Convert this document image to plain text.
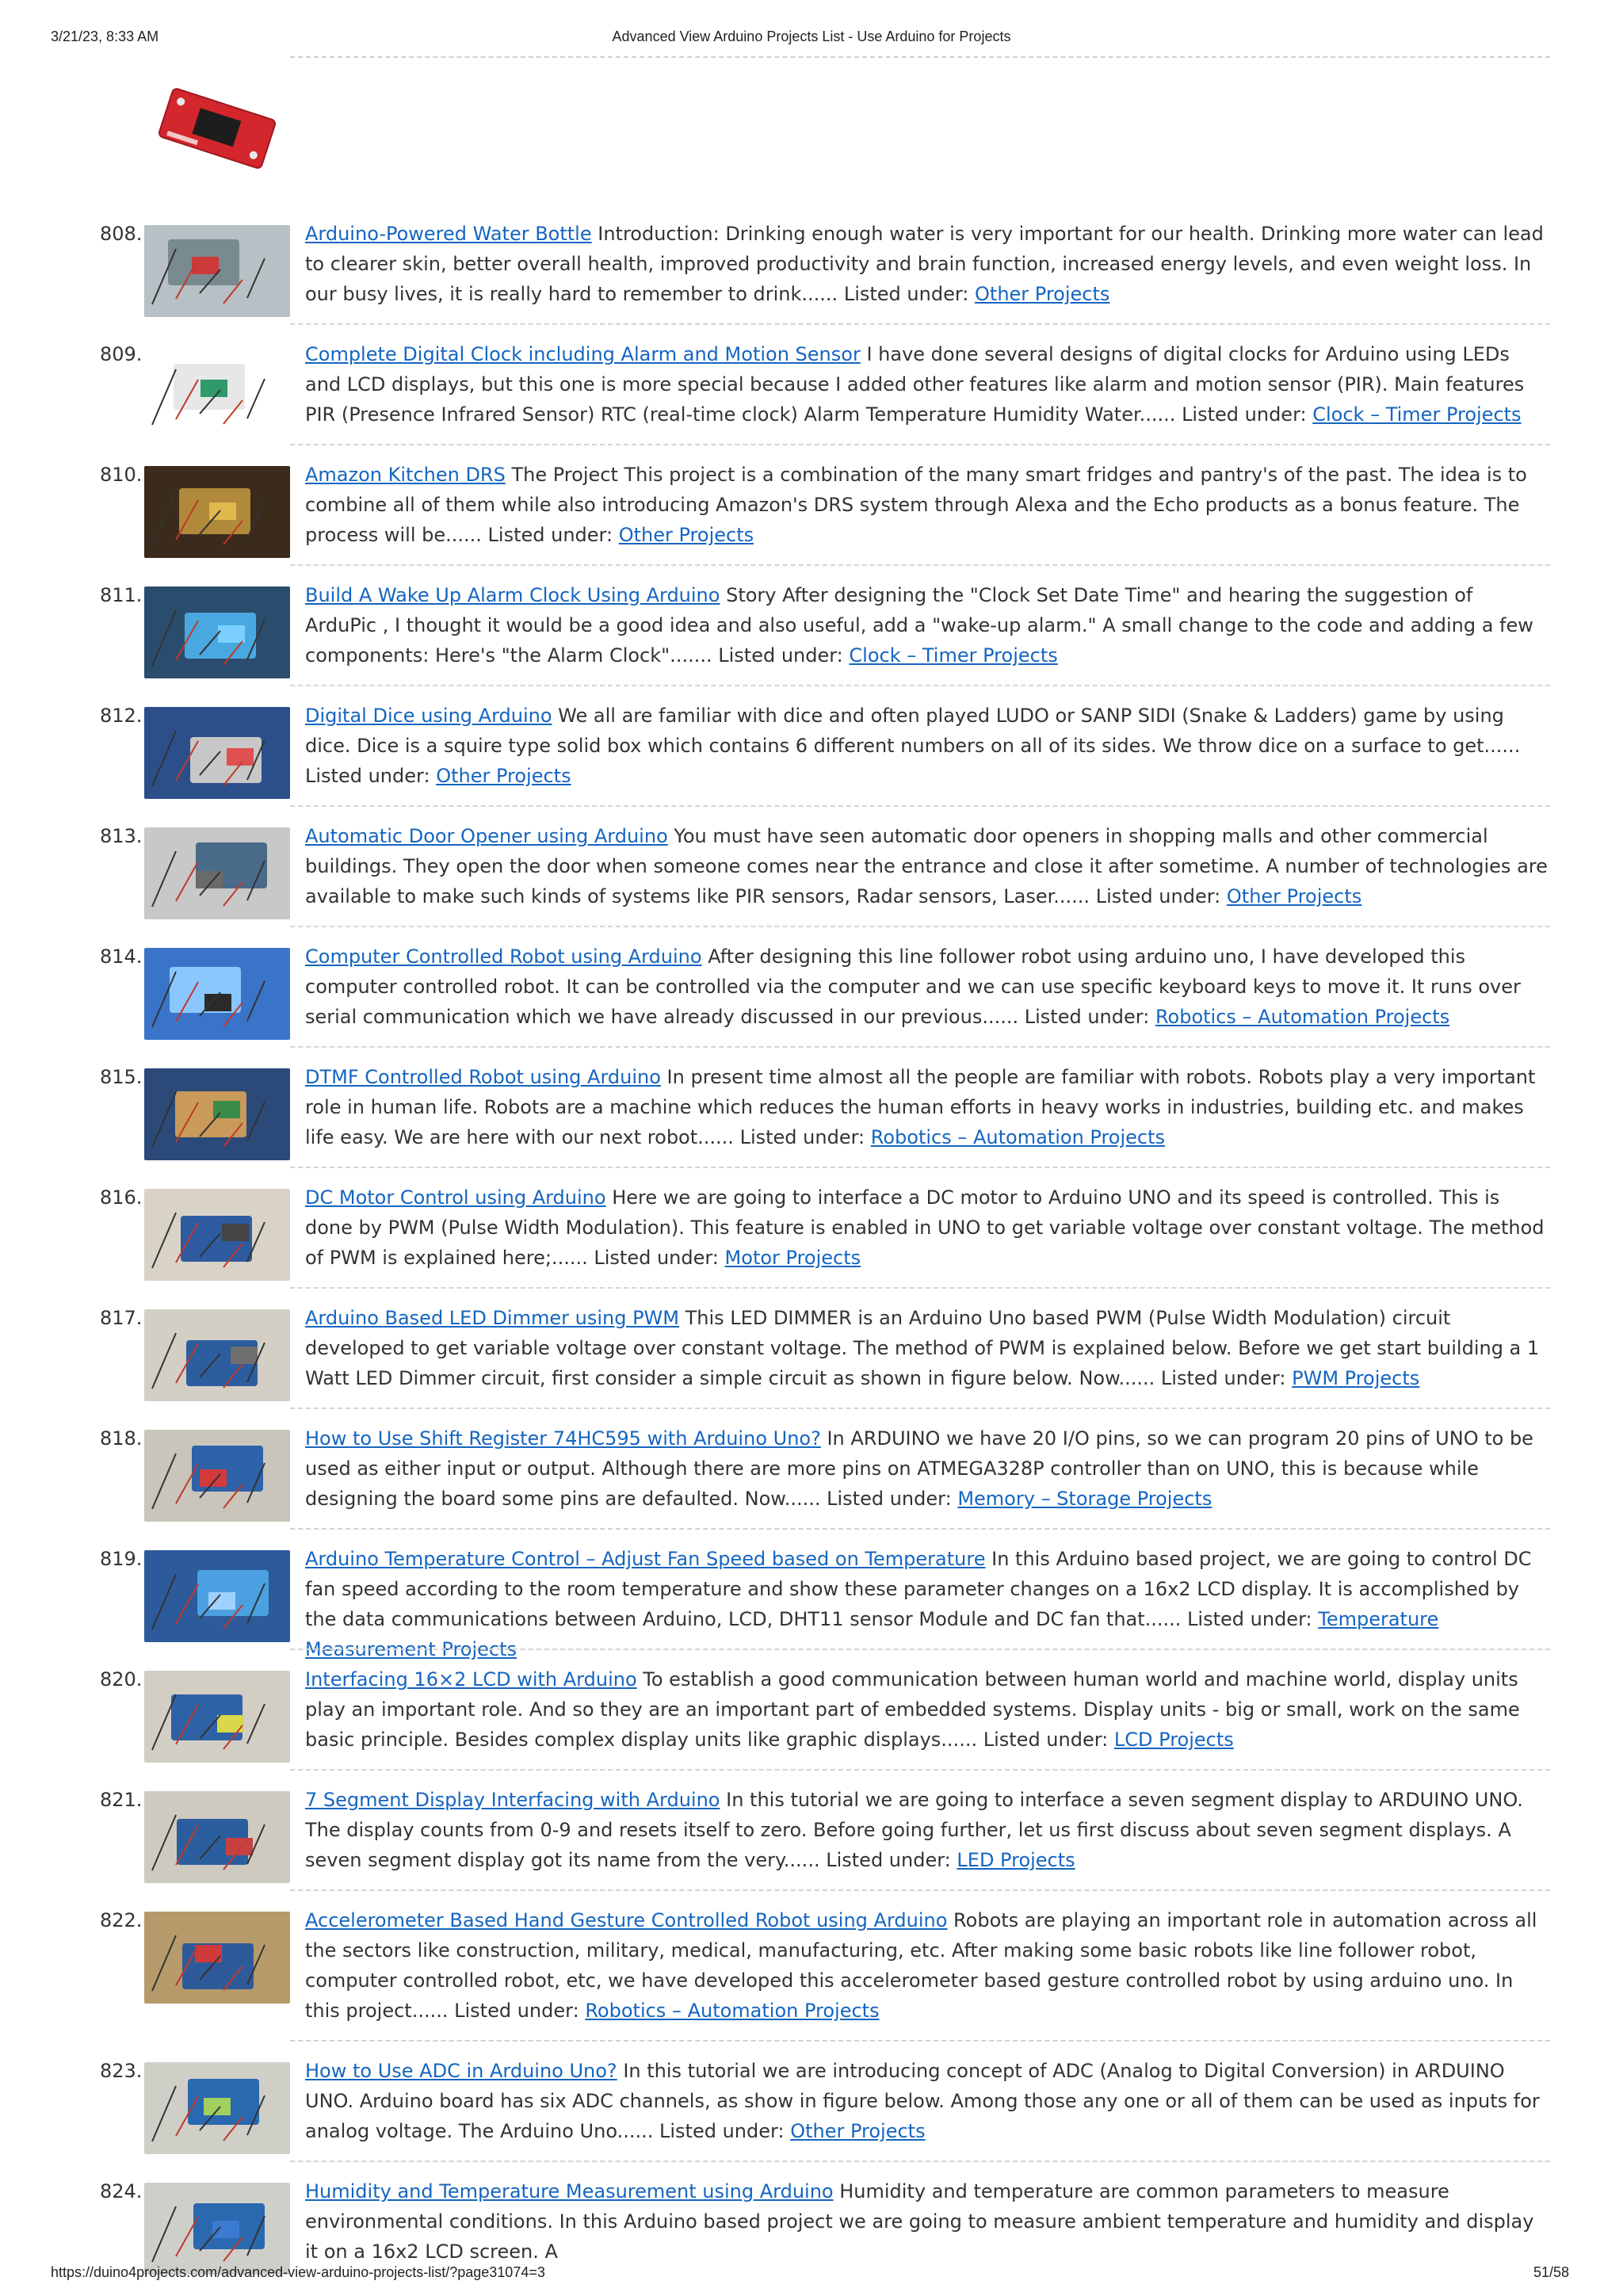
3/21/23, 8:33 AM	Advanced View Arduino Projects List - Use Arduino for Projects
808.	Arduino-Powered Water Bottle Introduction: Drinking enough water is very important for our health. Drinking more water can lead to clearer skin, better overall health, improved productivity and brain function, increased energy levels, and even weight loss. In our busy lives, it is really hard to remember to drink...... Listed under: Other Projects
809.	Complete Digital Clock including Alarm and Motion Sensor I have done several designs of digital clocks for Arduino using LEDs and LCD displays, but this one is more special because I added other features like alarm and motion sensor (PIR). Main features PIR (Presence Infrared Sensor) RTC (real-time clock) Alarm Temperature Humidity Water...... Listed under: Clock – Timer Projects
810.	Amazon Kitchen DRS The Project This project is a combination of the many smart fridges and pantry's of the past. The idea is to combine all of them while also introducing Amazon's DRS system through Alexa and the Echo products as a bonus feature. The process will be...... Listed under: Other Projects
811.	Build A Wake Up Alarm Clock Using Arduino Story After designing the "Clock Set Date Time" and hearing the suggestion of ArduPic , I thought it would be a good idea and also useful, add a "wake-up alarm." A small change to the code and adding a few components: Here's "the Alarm Clock"....... Listed under: Clock – Timer Projects
812.	Digital Dice using Arduino We all are familiar with dice and often played LUDO or SANP SIDI (Snake & Ladders) game by using dice. Dice is a squire type solid box which contains 6 different numbers on all of its sides. We throw dice on a surface to get...... Listed under: Other Projects
813.	Automatic Door Opener using Arduino You must have seen automatic door openers in shopping malls and other commercial buildings. They open the door when someone comes near the entrance and close it after sometime. A number of technologies are available to make such kinds of systems like PIR sensors, Radar sensors, Laser...... Listed under: Other Projects
814.	Computer Controlled Robot using Arduino After designing this line follower robot using arduino uno, I have developed this computer controlled robot. It can be controlled via the computer and we can use specific keyboard keys to move it. It runs over serial communication which we have already discussed in our previous...... Listed under: Robotics – Automation Projects
815.	DTMF Controlled Robot using Arduino In present time almost all the people are familiar with robots. Robots play a very important role in human life. Robots are a machine which reduces the human efforts in heavy works in industries, building etc. and makes life easy. We are here with our next robot...... Listed under: Robotics – Automation Projects
816.	DC Motor Control using Arduino Here we are going to interface a DC motor to Arduino UNO and its speed is controlled. This is done by PWM (Pulse Width Modulation). This feature is enabled in UNO to get variable voltage over constant voltage. The method of PWM is explained here;...... Listed under: Motor Projects
817.	Arduino Based LED Dimmer using PWM This LED DIMMER is an Arduino Uno based PWM (Pulse Width Modulation) circuit developed to get variable voltage over constant voltage. The method of PWM is explained below. Before we get start building a 1 Watt LED Dimmer circuit, first consider a simple circuit as shown in figure below. Now...... Listed under: PWM Projects
818.	How to Use Shift Register 74HC595 with Arduino Uno? In ARDUINO we have 20 I/O pins, so we can program 20 pins of UNO to be used as either input or output. Although there are more pins on ATMEGA328P controller than on UNO, this is because while designing the board some pins are defaulted. Now...... Listed under: Memory – Storage Projects
819.	Arduino Temperature Control – Adjust Fan Speed based on Temperature In this Arduino based project, we are going to control DC fan speed according to the room temperature and show these parameter changes on a 16x2 LCD display. It is accomplished by the data communications between Arduino, LCD, DHT11 sensor Module and DC fan that...... Listed under: Temperature Measurement Projects
820.	Interfacing 16×2 LCD with Arduino To establish a good communication between human world and machine world, display units play an important role. And so they are an important part of embedded systems. Display units - big or small, work on the same basic principle. Besides complex display units like graphic displays...... Listed under: LCD Projects
821.	7 Segment Display Interfacing with Arduino In this tutorial we are going to interface a seven segment display to ARDUINO UNO. The display counts from 0-9 and resets itself to zero. Before going further, let us first discuss about seven segment displays. A seven segment display got its name from the very...... Listed under: LED Projects
822.	Accelerometer Based Hand Gesture Controlled Robot using Arduino Robots are playing an important role in automation across all the sectors like construction, military, medical, manufacturing, etc. After making some basic robots like line follower robot, computer controlled robot, etc, we have developed this accelerometer based gesture controlled robot by using arduino uno. In this project...... Listed under: Robotics – Automation Projects
823.	How to Use ADC in Arduino Uno? In this tutorial we are introducing concept of ADC (Analog to Digital Conversion) in ARDUINO UNO. Arduino board has six ADC channels, as show in figure below. Among those any one or all of them can be used as inputs for analog voltage. The Arduino Uno...... Listed under: Other Projects
824.	Humidity and Temperature Measurement using Arduino Humidity and temperature are common parameters to measure environmental conditions. In this Arduino based project we are going to measure ambient temperature and humidity and display it on a 16x2 LCD screen. A
https://duino4projects.com/advanced-view-arduino-projects-list/?page31074=3	51/58
